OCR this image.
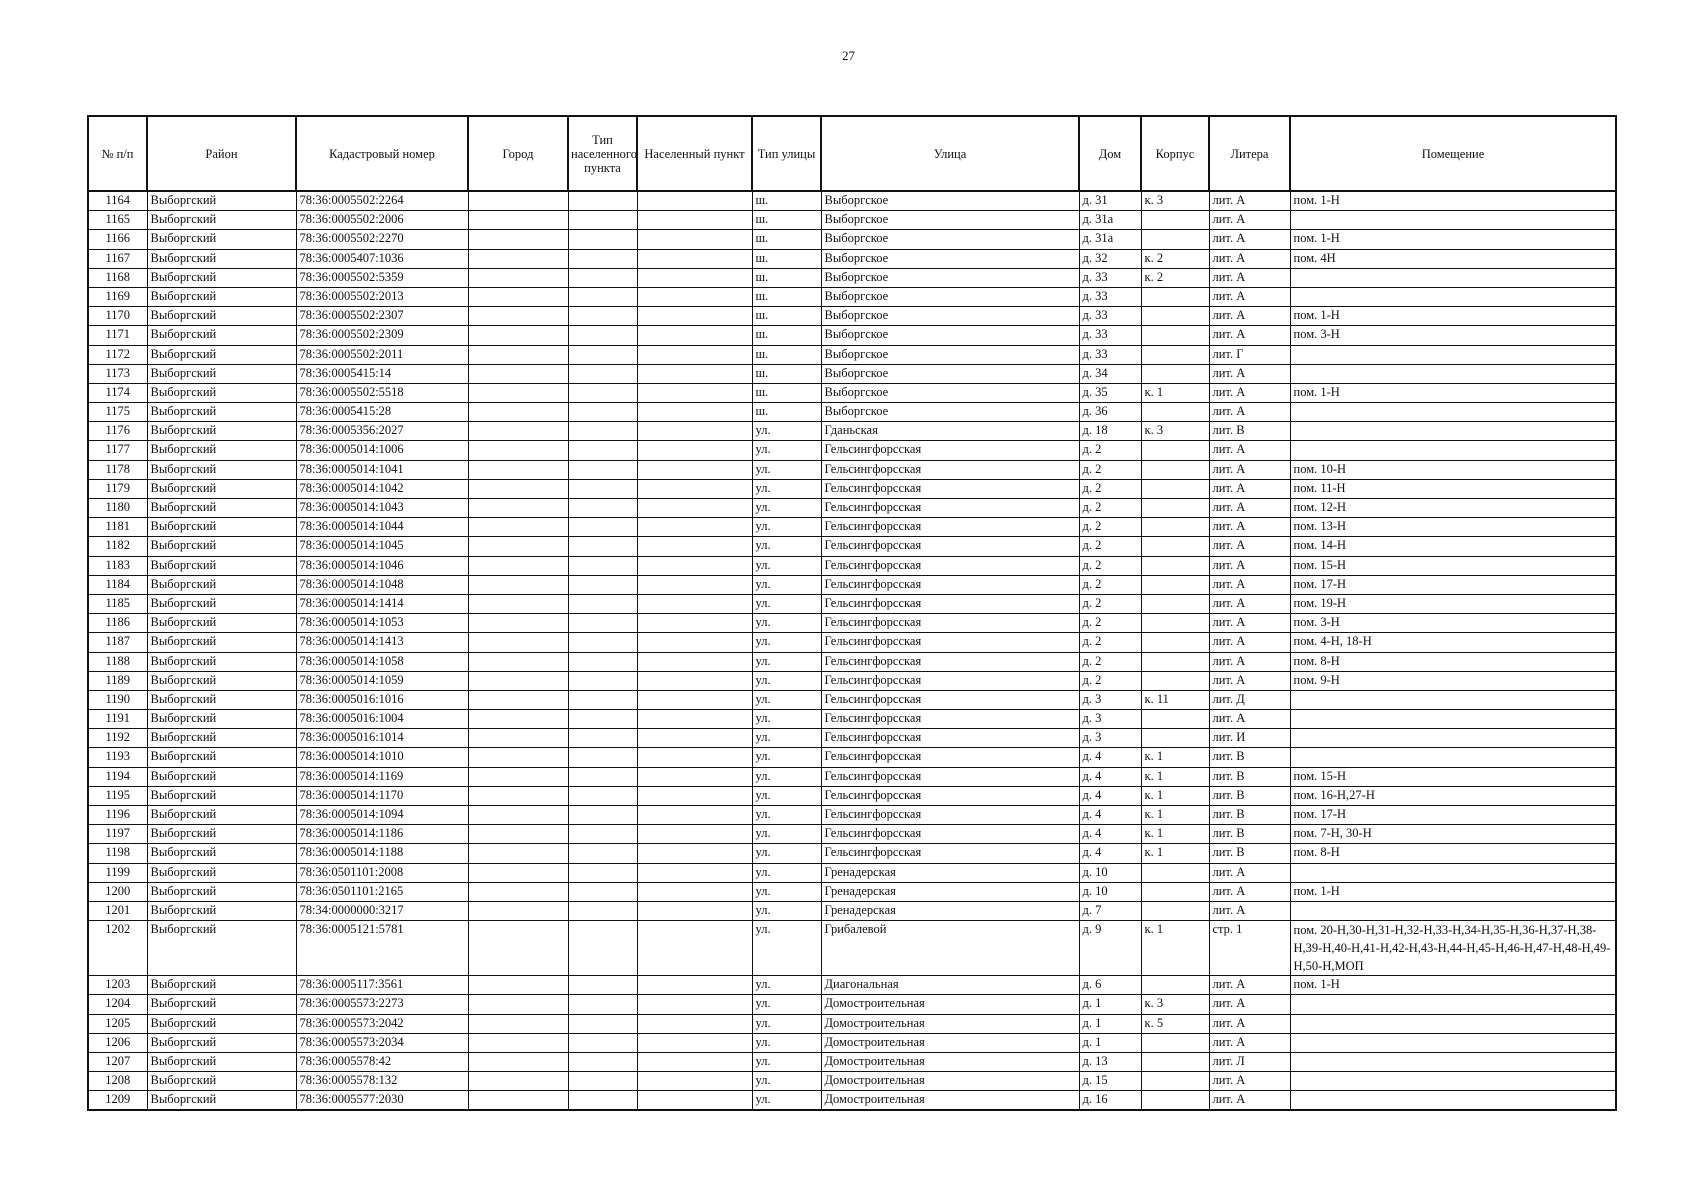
27
№ п/п	Район	Кадастровый номер	Город	Тип населенного пункта	Населенный пункт	Тип улицы	Улица	Дом	Корпус	Литера	Помещение
1164	Выборгский	78:36:0005502:2264				ш.	Выборгское	д. 31	к. 3	лит. А	пом. 1-Н
1165	Выборгский	78:36:0005502:2006				ш.	Выборгское	д. 31а		лит. А	
1166	Выборгский	78:36:0005502:2270				ш.	Выборгское	д. 31а		лит. А	пом. 1-Н
1167	Выборгский	78:36:0005407:1036				ш.	Выборгское	д. 32	к. 2	лит. А	пом. 4Н
1168	Выборгский	78:36:0005502:5359				ш.	Выборгское	д. 33	к. 2	лит. А	
1169	Выборгский	78:36:0005502:2013				ш.	Выборгское	д. 33		лит. А	
1170	Выборгский	78:36:0005502:2307				ш.	Выборгское	д. 33		лит. А	пом. 1-Н
1171	Выборгский	78:36:0005502:2309				ш.	Выборгское	д. 33		лит. А	пом. 3-Н
1172	Выборгский	78:36:0005502:2011				ш.	Выборгское	д. 33		лит. Г	
1173	Выборгский	78:36:0005415:14				ш.	Выборгское	д. 34		лит. А	
1174	Выборгский	78:36:0005502:5518				ш.	Выборгское	д. 35	к. 1	лит. А	пом. 1-Н
1175	Выборгский	78:36:0005415:28				ш.	Выборгское	д. 36		лит. А	
1176	Выборгский	78:36:0005356:2027				ул.	Гданьская	д. 18	к. 3	лит. В	
1177	Выборгский	78:36:0005014:1006				ул.	Гельсингфорсская	д. 2		лит. А	
1178	Выборгский	78:36:0005014:1041				ул.	Гельсингфорсская	д. 2		лит. А	пом. 10-Н
1179	Выборгский	78:36:0005014:1042				ул.	Гельсингфорсская	д. 2		лит. А	пом. 11-Н
1180	Выборгский	78:36:0005014:1043				ул.	Гельсингфорсская	д. 2		лит. А	пом. 12-Н
1181	Выборгский	78:36:0005014:1044				ул.	Гельсингфорсская	д. 2		лит. А	пом. 13-Н
1182	Выборгский	78:36:0005014:1045				ул.	Гельсингфорсская	д. 2		лит. А	пом. 14-Н
1183	Выборгский	78:36:0005014:1046				ул.	Гельсингфорсская	д. 2		лит. А	пом. 15-Н
1184	Выборгский	78:36:0005014:1048				ул.	Гельсингфорсская	д. 2		лит. А	пом. 17-Н
1185	Выборгский	78:36:0005014:1414				ул.	Гельсингфорсская	д. 2		лит. А	пом. 19-Н
1186	Выборгский	78:36:0005014:1053				ул.	Гельсингфорсская	д. 2		лит. А	пом. 3-Н
1187	Выборгский	78:36:0005014:1413				ул.	Гельсингфорсская	д. 2		лит. А	пом. 4-Н, 18-Н
1188	Выборгский	78:36:0005014:1058				ул.	Гельсингфорсская	д. 2		лит. А	пом. 8-Н
1189	Выборгский	78:36:0005014:1059				ул.	Гельсингфорсская	д. 2		лит. А	пом. 9-Н
1190	Выборгский	78:36:0005016:1016				ул.	Гельсингфорсская	д. 3	к. 11	лит. Д	
1191	Выборгский	78:36:0005016:1004				ул.	Гельсингфорсская	д. 3		лит. А	
1192	Выборгский	78:36:0005016:1014				ул.	Гельсингфорсская	д. 3		лит. И	
1193	Выборгский	78:36:0005014:1010				ул.	Гельсингфорсская	д. 4	к. 1	лит. В	
1194	Выборгский	78:36:0005014:1169				ул.	Гельсингфорсская	д. 4	к. 1	лит. В	пом. 15-Н
1195	Выборгский	78:36:0005014:1170				ул.	Гельсингфорсская	д. 4	к. 1	лит. В	пом. 16-Н,27-Н
1196	Выборгский	78:36:0005014:1094				ул.	Гельсингфорсская	д. 4	к. 1	лит. В	пом. 17-Н
1197	Выборгский	78:36:0005014:1186				ул.	Гельсингфорсская	д. 4	к. 1	лит. В	пом. 7-Н, 30-Н
1198	Выборгский	78:36:0005014:1188				ул.	Гельсингфорсская	д. 4	к. 1	лит. В	пом. 8-Н
1199	Выборгский	78:36:0501101:2008				ул.	Гренадерская	д. 10		лит. А	
1200	Выборгский	78:36:0501101:2165				ул.	Гренадерская	д. 10		лит. А	пом. 1-Н
1201	Выборгский	78:34:0000000:3217				ул.	Гренадерская	д. 7		лит. А	
1202	Выборгский	78:36:0005121:5781				ул.	Грибалевой	д. 9	к. 1	стр. 1	пом. 20-Н,30-Н,31-Н,32-Н,33-Н,34-Н,35-Н,36-Н,37-Н,38-Н,39-Н,40-Н,41-Н,42-Н,43-Н,44-Н,45-Н,46-Н,47-Н,48-Н,49-Н,50-Н,МОП
1203	Выборгский	78:36:0005117:3561				ул.	Диагональная	д. 6		лит. А	пом. 1-Н
1204	Выборгский	78:36:0005573:2273				ул.	Домостроительная	д. 1	к. 3	лит. А	
1205	Выборгский	78:36:0005573:2042				ул.	Домостроительная	д. 1	к. 5	лит. А	
1206	Выборгский	78:36:0005573:2034				ул.	Домостроительная	д. 1		лит. А	
1207	Выборгский	78:36:0005578:42				ул.	Домостроительная	д. 13		лит. Л	
1208	Выборгский	78:36:0005578:132				ул.	Домостроительная	д. 15		лит. А	
1209	Выборгский	78:36:0005577:2030				ул.	Домостроительная	д. 16		лит. А	
